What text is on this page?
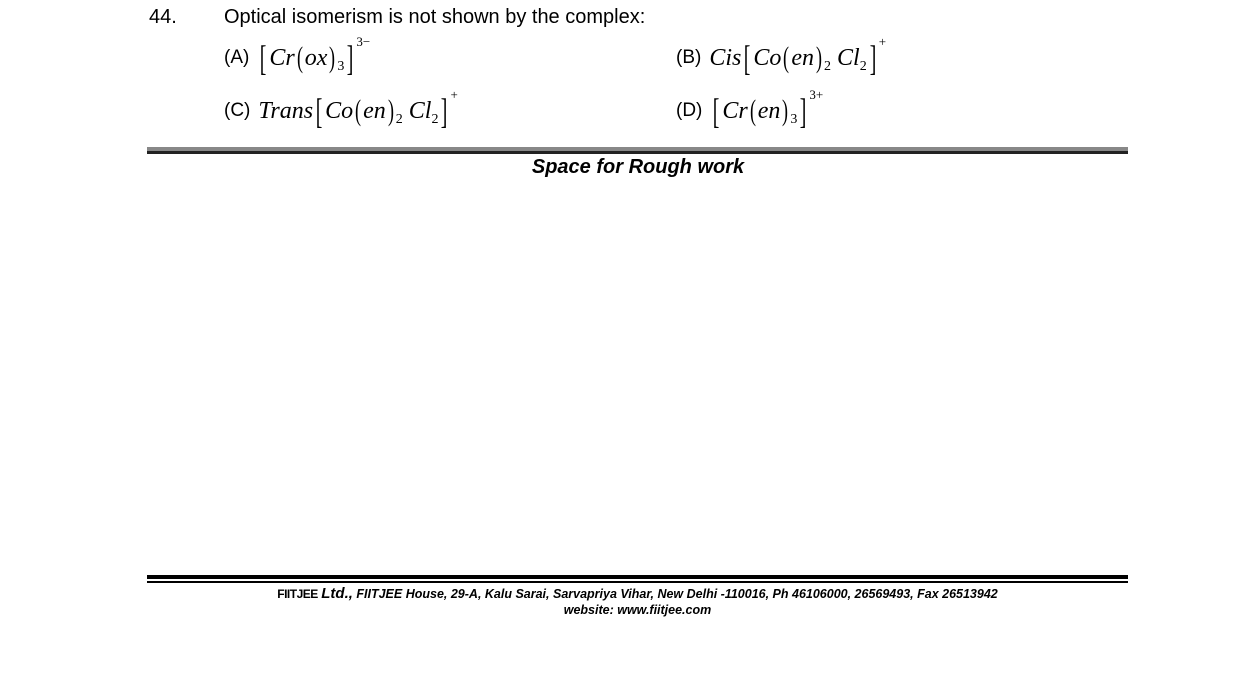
44. Optical isomerism is not shown by the complex:
(A) [ Cr ( ox ) 3 ] 3−
(B) Cis [ Co ( en ) 2 Cl 2 ] +
(C) Trans [ Co ( en ) 2 Cl 2 ] +
(D) [ Cr ( en ) 3 ] 3+
Space for Rough work
FIITJEE Ltd., FIITJEE House, 29-A, Kalu Sarai, Sarvapriya Vihar, New Delhi -110016, Ph 46106000, 26569493, Fax 26513942
website: www.fiitjee.com
